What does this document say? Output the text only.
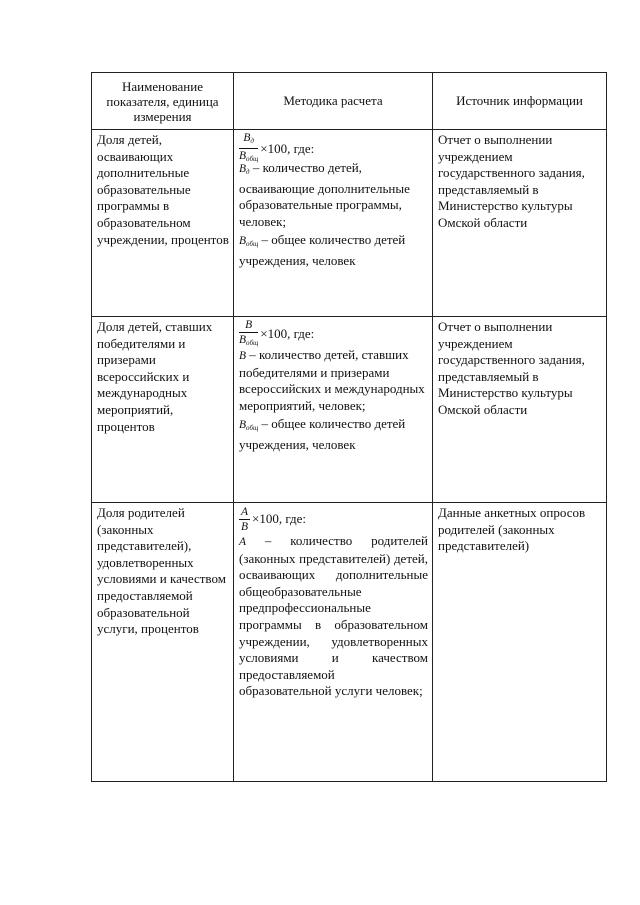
Наименование показателя, единица измерения	Методика расчета	Источник информации
Доля детей, осваивающих дополнительные образовательные программы в образовательном учреждении, процентов	$\frac{B_д}{B_{общ}} \times 100$, где:
$B_д$ – количество детей, осваивающие дополнительные образовательные программы, человек;
$B_{общ}$ – общее количество детей учреждения, человек	Отчет о выполнении учреждением государственного задания, представляемый в Министерство культуры Омской области
Доля детей, ставших победителями и призерами всероссийских и международных мероприятий, процентов	$\frac{B}{B_{общ}} \times 100$, где:
B – количество детей, ставших победителями и призерами всероссийских и международных мероприятий, человек;
$B_{общ}$ – общее количество детей учреждения, человек	Отчет о выполнении учреждением государственного задания, представляемый в Министерство культуры Омской области
Доля родителей (законных представителей), удовлетворенных условиями и качеством предоставляемой образовательной услуги, процентов	$\frac{A}{B} \times 100$, где:
A – количество родителей (законных представителей) детей, осваивающих дополнительные общеобразовательные предпрофессиональные программы в образовательном учреждении, удовлетворенных условиями и качеством предоставляемой образовательной услуги человек;	Данные анкетных опросов родителей (законных представителей)
